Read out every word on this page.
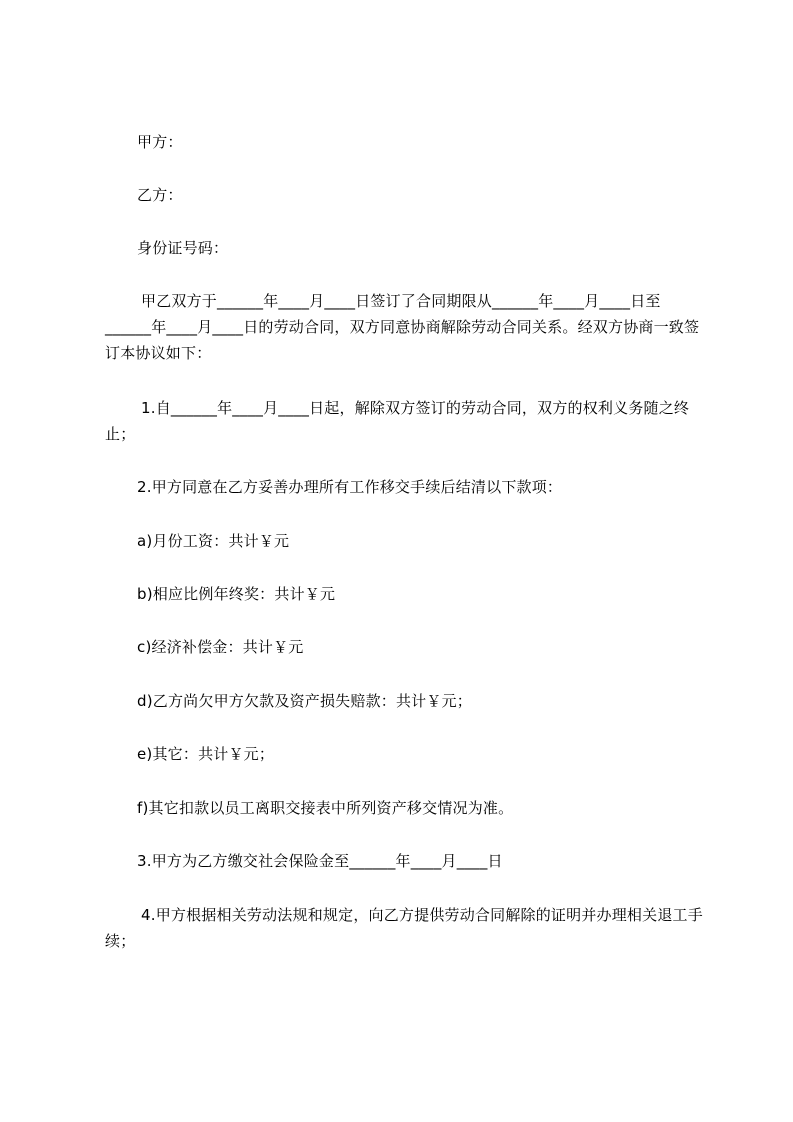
甲方：
乙方：
身份证号码：
甲乙双方于______年____月____日签订了合同期限从______年____月____日至______年____月____日的劳动合同，双方同意协商解除劳动合同关系。经双方协商一致签订本协议如下：
1.自______年____月____日起，解除双方签订的劳动合同，双方的权利义务随之终止；
2.甲方同意在乙方妥善办理所有工作移交手续后结清以下款项：
a)月份工资：共计￥元
b)相应比例年终奖：共计￥元
c)经济补偿金：共计￥元
d)乙方尚欠甲方欠款及资产损失赔款：共计￥元；
e)其它：共计￥元；
f)其它扣款以员工离职交接表中所列资产移交情况为准。
3.甲方为乙方缴交社会保险金至______年____月____日
4.甲方根据相关劳动法规和规定，向乙方提供劳动合同解除的证明并办理相关退工手续；
